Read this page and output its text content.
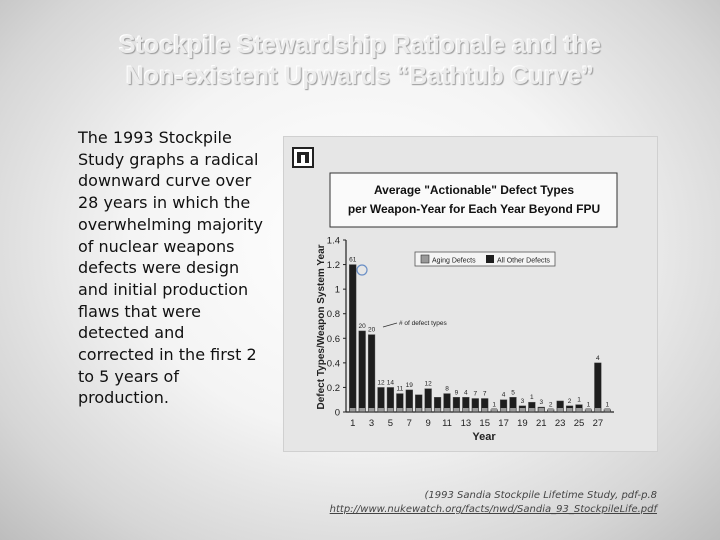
Stockpile Stewardship Rationale and the
Non-existent Upwards “Bathtub Curve”
The 1993 Stockpile Study graphs a radical downward curve over 28 years in which the overwhelming majority of nuclear weapons defects were design and initial production flaws that were detected and corrected in the first 2 to 5 years of production.
Average "Actionable" Defect Types
per Weapon-Year for Each Year Beyond FPU
0
0.2
0.4
0.6
0.8
1
1.2
1.4
1 3 5 7 9 11 13 15 17 19 21 23 25 27
61
20
20
12 14
11
19 12
8
9 4 7 7
1
4 5
3
1
3 2
2 1
1
4
1
Defect Types/Weapon System Year
Year
Aging Defects	All Other Defects
# of defect types
(1993 Sandia Stockpile Lifetime Study, pdf-p.8
http://www.nukewatch.org/facts/nwd/Sandia_93_StockpileLife.pdf
